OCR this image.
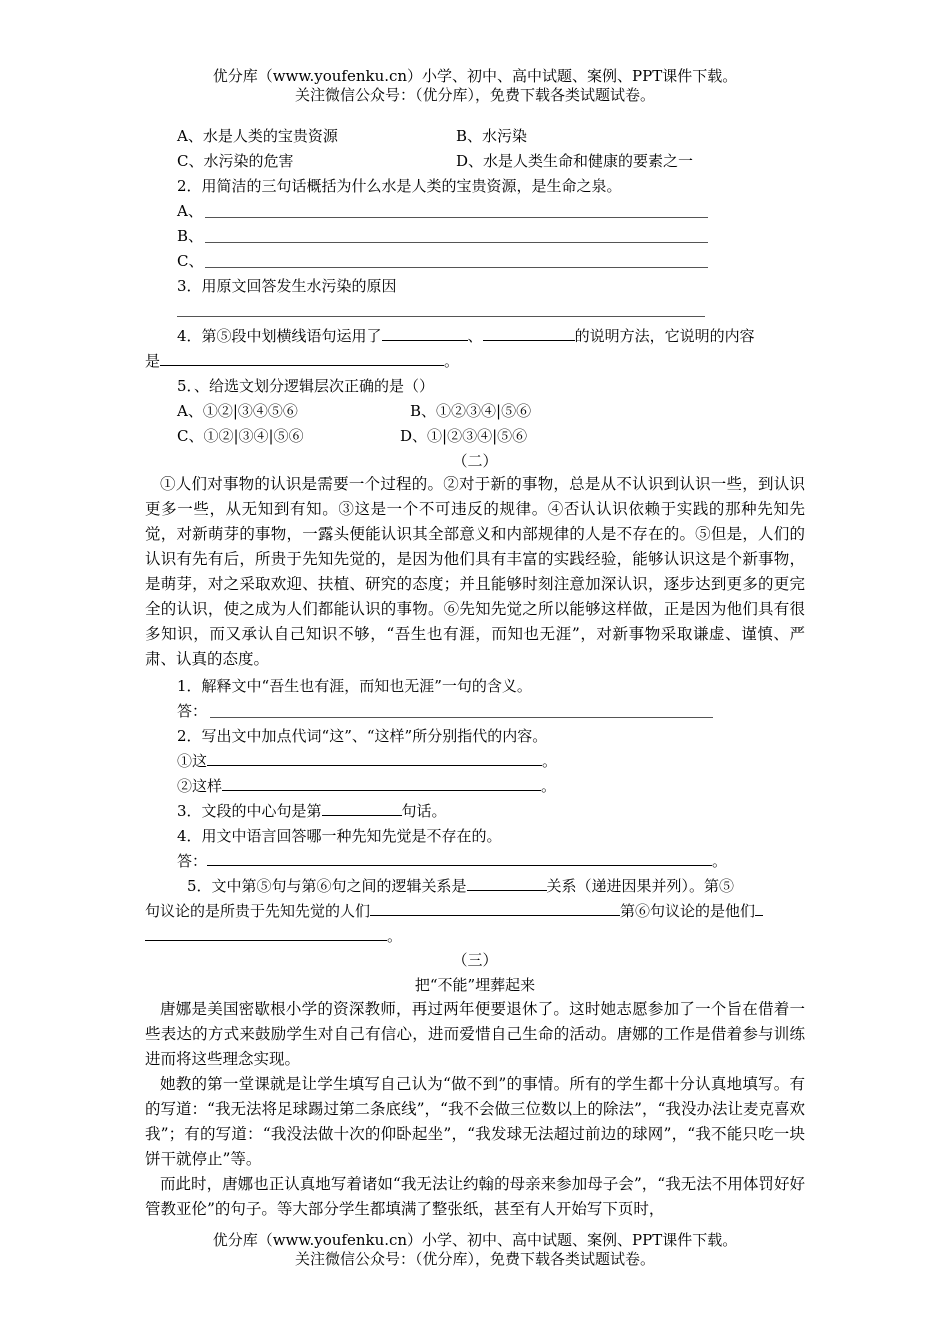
优分库（www.youfenku.cn）小学、初中、高中试题、案例、PPT课件下载。
关注微信公众号：（优分库），免费下载各类试题试卷。
A、水是人类的宝贵资源	B、水污染
C、水污染的危害	D、水是人类生命和健康的要素之一
2．用简洁的三句话概括为什么水是人类的宝贵资源，是生命之泉。
A、
B、
C、
3．用原文回答发生水污染的原因
4．第⑤段中划横线语句运用了	、	的说明方法，它说明的内容
是	。
5．、给选文划分逻辑层次正确的是（）
A、①②|③④⑤⑥	B、①②③④|⑤⑥
C、①②|③④|⑤⑥	D、①|②③④|⑤⑥
（二）
①人们对事物的认识是需要一个过程的。②对于新的事物，总是从不认识到认识一些，到认识更多一些，从无知到有知。③这是一个不可违反的规律。④否认认识依赖于实践的那种先知先觉，对新萌芽的事物，一露头便能认识其全部意义和内部规律的人是不存在的。⑤但是，人们的认识有先有后，所贵于先知先觉的，是因为他们具有丰富的实践经验，能够认识这是个新事物，是萌芽，对之采取欢迎、扶植、研究的态度；并且能够时刻注意加深认识，逐步达到更多的更完全的认识，使之成为人们都能认识的事物。⑥先知先觉之所以能够这样做，正是因为他们具有很多知识，而又承认自己知识不够，“吾生也有涯，而知也无涯”，对新事物采取谦虚、谨慎、严肃、认真的态度。
1．解释文中“吾生也有涯，而知也无涯”一句的含义。
答：
2．写出文中加点代词“这”、“这样”所分别指代的内容。
①这	。
②这样	。
3．文段的中心句是第	句话。
4．用文中语言回答哪一种先知先觉是不存在的。
答：	。
5．文中第⑤句与第⑥句之间的逻辑关系是	关系（递进因果并列）。第⑤
句议论的是所贵于先知先觉的人们	第⑥句议论的是他们
。
（三）
把“不能”埋葬起来
唐娜是美国密歇根小学的资深教师，再过两年便要退休了。这时她志愿参加了一个旨在借着一些表达的方式来鼓励学生对自己有信心，进而爱惜自己生命的活动。唐娜的工作是借着参与训练进而将这些理念实现。
她教的第一堂课就是让学生填写自己认为“做不到”的事情。所有的学生都十分认真地填写。有的写道：“我无法将足球踢过第二条底线”，“我不会做三位数以上的除法”，“我没办法让麦克喜欢我”；有的写道：“我没法做十次的仰卧起坐”，“我发球无法超过前边的球网”，“我不能只吃一块饼干就停止”等。
而此时，唐娜也正认真地写着诸如“我无法让约翰的母亲来参加母子会”，“我无法不用体罚好好管教亚伦”的句子。等大部分学生都填满了整张纸，甚至有人开始写下页时，
优分库（www.youfenku.cn）小学、初中、高中试题、案例、PPT课件下载。
关注微信公众号：（优分库），免费下载各类试题试卷。
